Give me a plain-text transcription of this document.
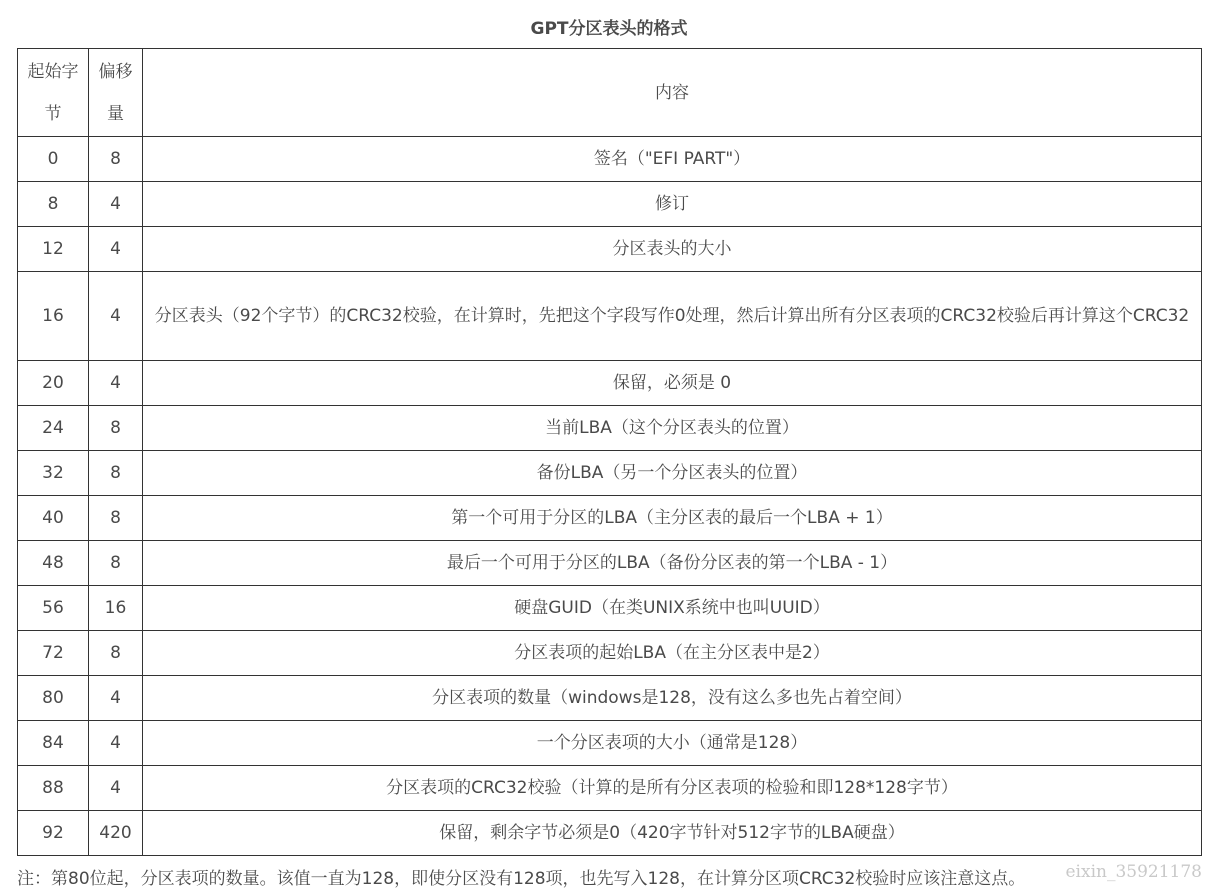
GPT分区表头的格式
起始字节	偏移量	内容
0	8	签名（"EFI PART"）
8	4	修订
12	4	分区表头的大小
16	4	分区表头（92个字节）的CRC32校验，在计算时，先把这个字段写作0处理，然后计算出所有分区表项的CRC32校验后再计算这个CRC32
20	4	保留，必须是 0
24	8	当前LBA（这个分区表头的位置）
32	8	备份LBA（另一个分区表头的位置）
40	8	第一个可用于分区的LBA（主分区表的最后一个LBA + 1）
48	8	最后一个可用于分区的LBA（备份分区表的第一个LBA - 1）
56	16	硬盘GUID（在类UNIX系统中也叫UUID）
72	8	分区表项的起始LBA（在主分区表中是2）
80	4	分区表项的数量（windows是128，没有这么多也先占着空间）
84	4	一个分区表项的大小（通常是128）
88	4	分区表项的CRC32校验（计算的是所有分区表项的检验和即128*128字节）
92	420	保留，剩余字节必须是0（420字节针对512字节的LBA硬盘）
注：第80位起，分区表项的数量。该值一直为128，即使分区没有128项，也先写入128，在计算分区项CRC32校验时应该注意这点。 eixin_35921178
